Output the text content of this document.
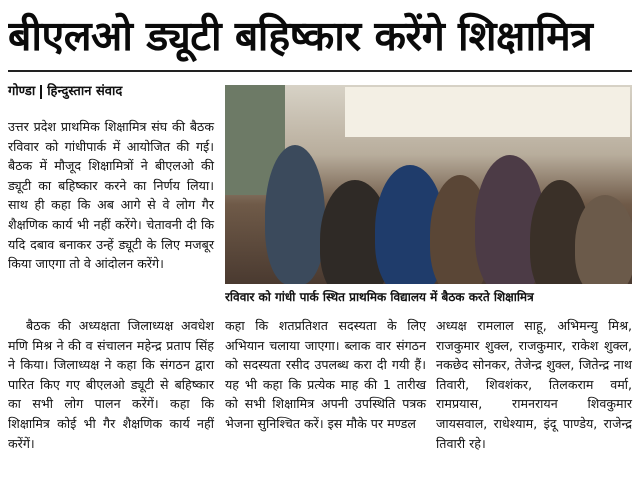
बीएलओ ड्यूटी बहिष्कार करेंगे शिक्षामित्र
गोण्डा हिन्दुस्तान संवाद

उत्तर प्रदेश प्राथमिक शिक्षामित्र संघ की बैठक रविवार को गांधीपार्क में आयोजित की गई। बैठक में मौजूद शिक्षामित्रों ने बीएलओ की ड्यूटी का बहिष्कार करने का निर्णय लिया। साथ ही कहा कि अब आगे से वे लोग गैर शैक्षणिक कार्य भी नहीं करेंगे। चेतावनी दी कि यदि दबाव बनाकर उन्हें ड्यूटी के लिए मजबूर किया जाएगा तो वे आंदोलन करेंगे।

बैठक की अध्यक्षता जिलाध्यक्ष अवधेश मणि मिश्र ने की व संचालन महेन्द्र प्रताप सिंह ने किया। जिलाध्यक्ष ने कहा कि संगठन द्वारा पारित किए गए बीएलओ ड्यूटी से बहिष्कार का सभी लोग पालन करेंगें। कहा कि शिक्षामित्र कोई भी गैर शैक्षणिक कार्य नहीं करेंगें।

रविवार को गांधी पार्क स्थित प्राथमिक विद्यालय में बैठक करते शिक्षामित्र

कहा कि शतप्रतिशत सदस्यता के लिए अभियान चलाया जाएगा। ब्लाक वार संगठन को सदस्यता रसीद उपलब्ध करा दी गयी हैं। यह भी कहा कि प्रत्येक माह की 1 तारीख को सभी शिक्षामित्र अपनी उपस्थिति पत्रक भेजना सुनिश्चित करें। इस मौके पर मण्डल

अध्यक्ष रामलाल साहू, अभिमन्यु मिश्र, राजकुमार शुक्ल, राजकुमार, राकेश शुक्ल, नकछेद सोनकर, तेजेन्द्र शुक्ल, जितेन्द्र नाथ तिवारी, शिवशंकर, तिलकराम वर्मा, रामप्रयास, रामनरायन शिवकुमार जायसवाल, राधेश्याम, इंदू पाण्डेय, राजेन्द्र तिवारी रहे।
